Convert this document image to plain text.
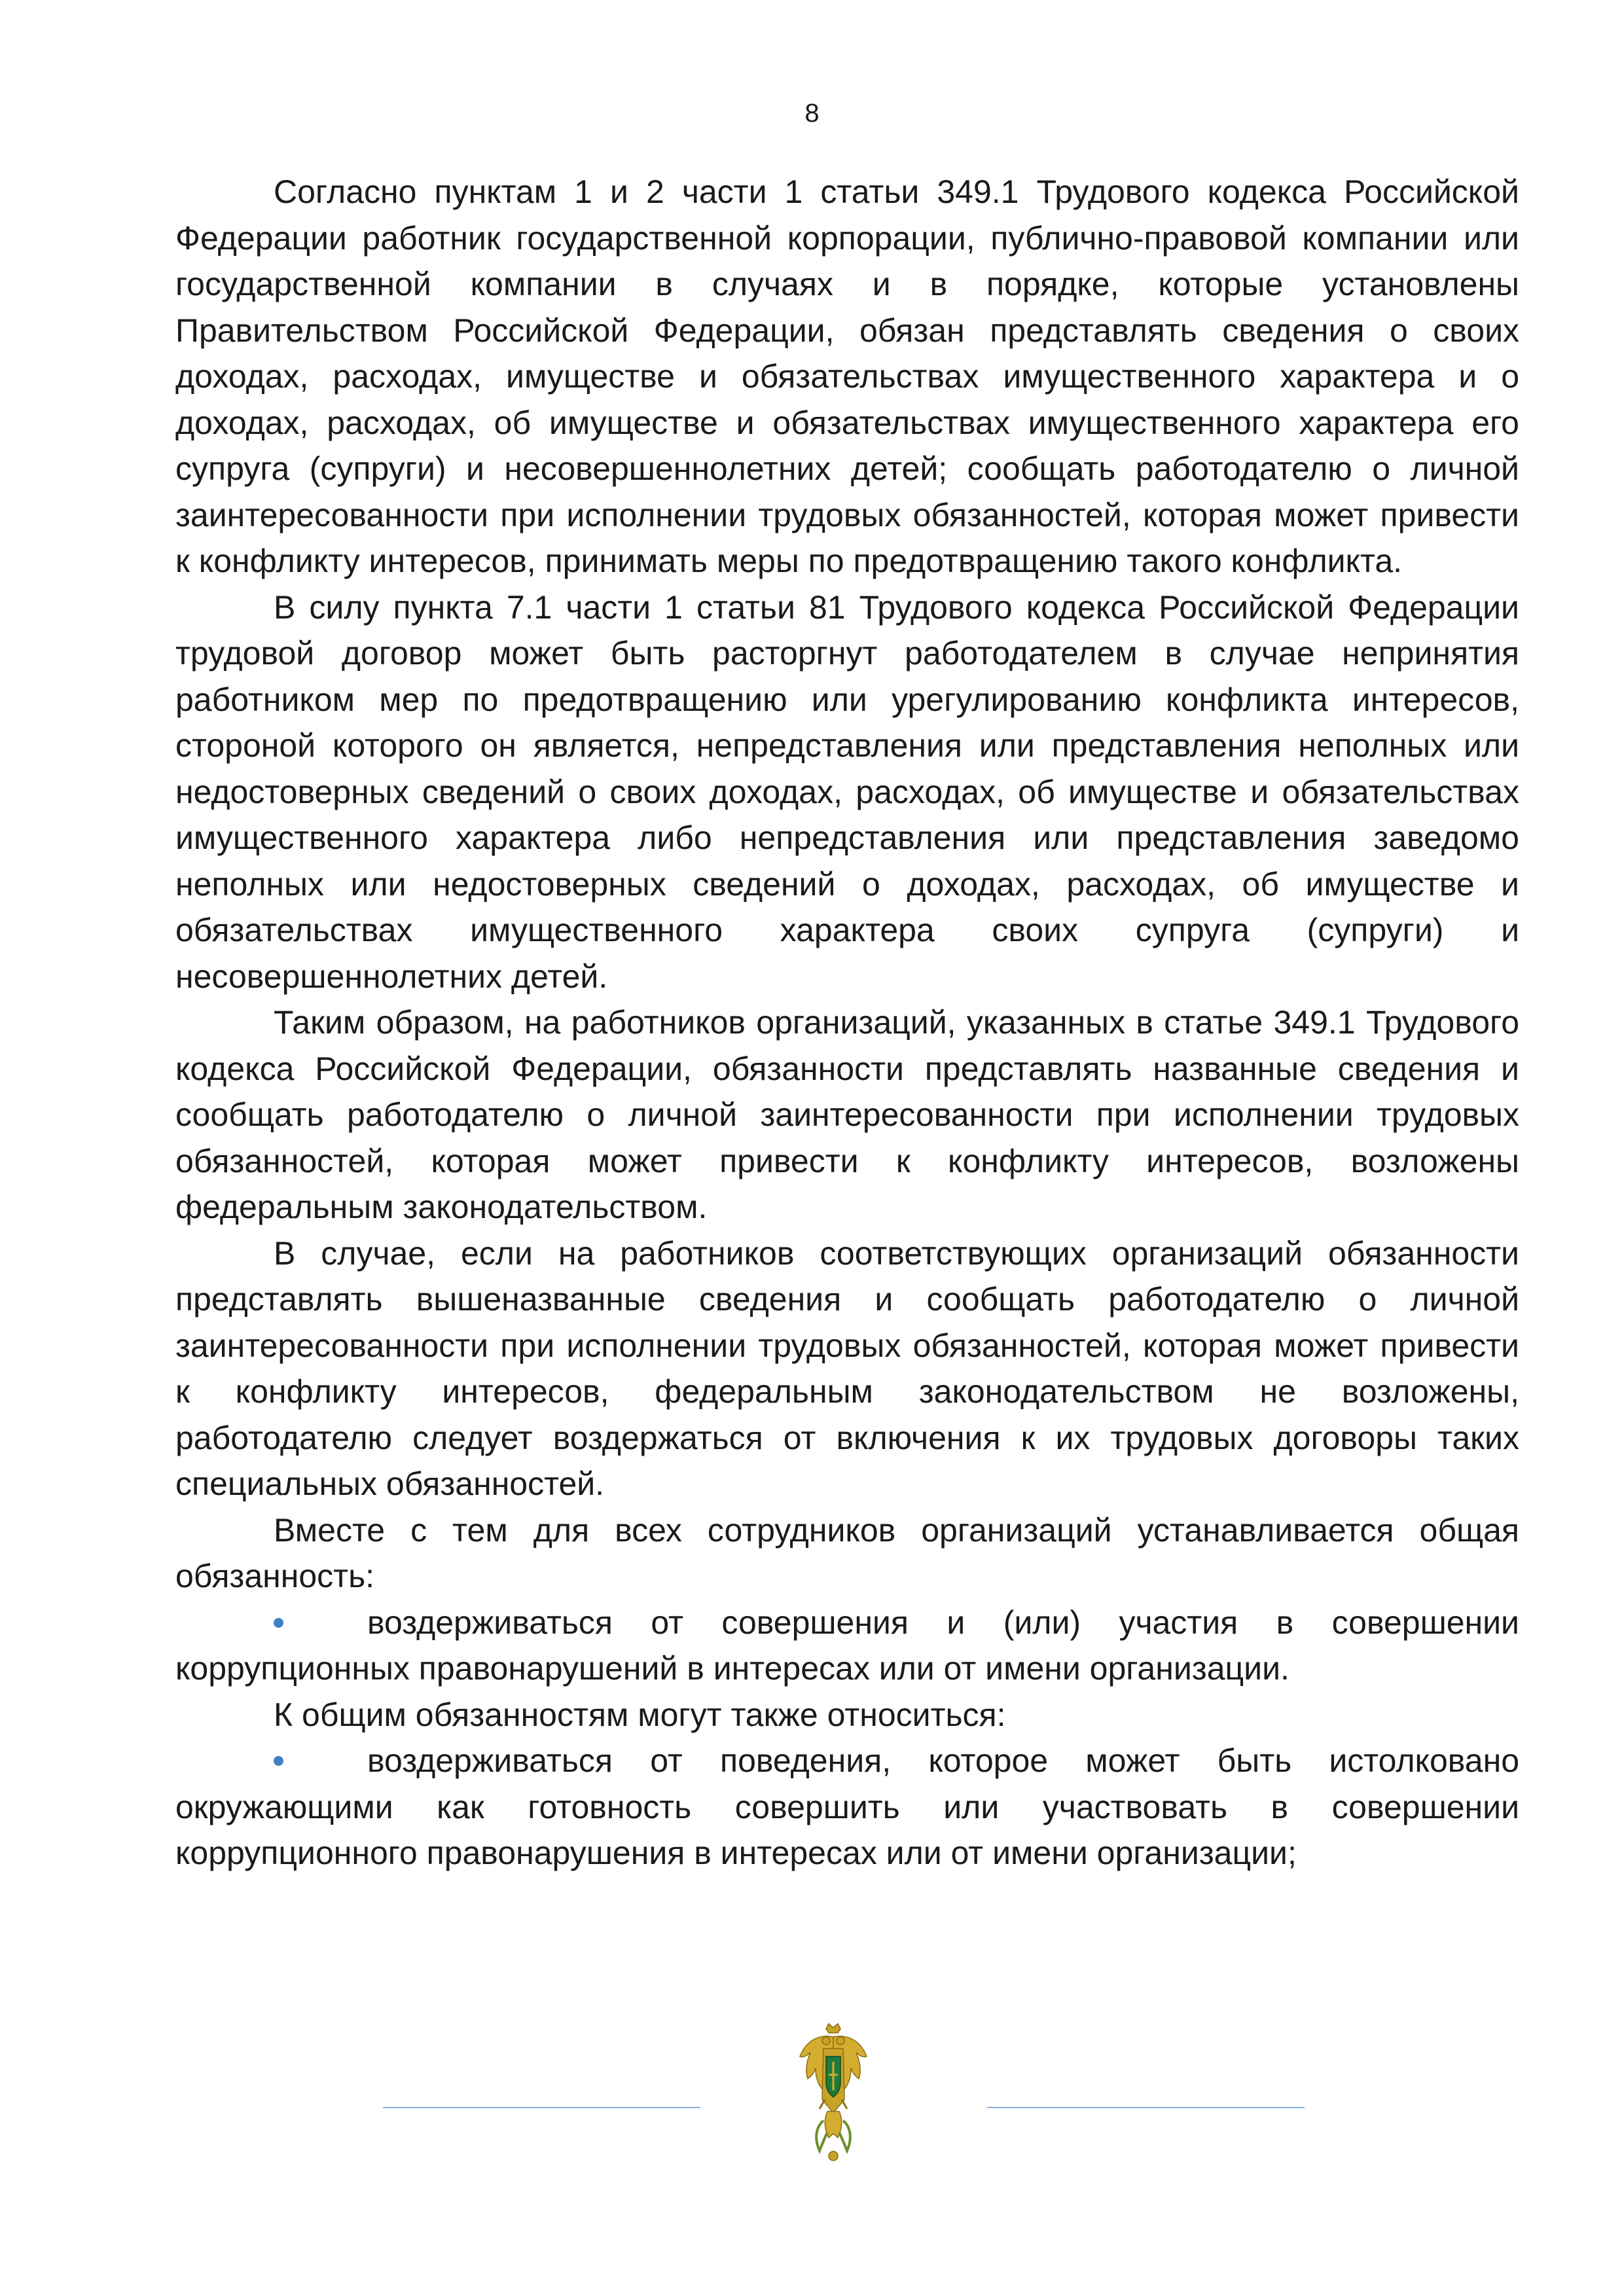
8

Согласно пунктам 1 и 2 части 1 статьи 349.1 Трудового кодекса Российской Федерации работник государственной корпорации, публично-правовой компании или государственной компании в случаях и в порядке, которые установлены Правительством Российской Федерации, обязан представлять сведения о своих доходах, расходах, имуществе и обязательствах имущественного характера и о доходах, расходах, об имуществе и обязательствах имущественного характера его супруга (супруги) и несовершеннолетних детей; сообщать работодателю о личной заинтересованности при исполнении трудовых обязанностей, которая может привести к конфликту интересов, принимать меры по предотвращению такого конфликта.

В силу пункта 7.1 части 1 статьи 81 Трудового кодекса Российской Федерации трудовой договор может быть расторгнут работодателем в случае непринятия работником мер по предотвращению или урегулированию конфликта интересов, стороной которого он является, непредставления или представления неполных или недостоверных сведений о своих доходах, расходах, об имуществе и обязательствах имущественного характера либо непредставления или представления заведомо неполных или недостоверных сведений о доходах, расходах, об имуществе и обязательствах имущественного характера своих супруга (супруги) и несовершеннолетних детей.

Таким образом, на работников организаций, указанных в статье 349.1 Трудового кодекса Российской Федерации, обязанности представлять названные сведения и сообщать работодателю о личной заинтересованности при исполнении трудовых обязанностей, которая может привести к конфликту интересов, возложены федеральным законодательством.

В случае, если на работников соответствующих организаций обязанности представлять вышеназванные сведения и сообщать работодателю о личной заинтересованности при исполнении трудовых обязанностей, которая может привести к конфликту интересов, федеральным законодательством не возложены, работодателю следует воздержаться от включения к их трудовых договоры таких специальных обязанностей.

Вместе с тем для всех сотрудников организаций устанавливается общая обязанность:

воздерживаться от совершения и (или) участия в совершении коррупционных правонарушений в интересах или от имени организации.

К общим обязанностям могут также относиться:

воздерживаться от поведения, которое может быть истолковано окружающими как готовность совершить или участвовать в совершении коррупционного правонарушения в интересах или от имени организации;
